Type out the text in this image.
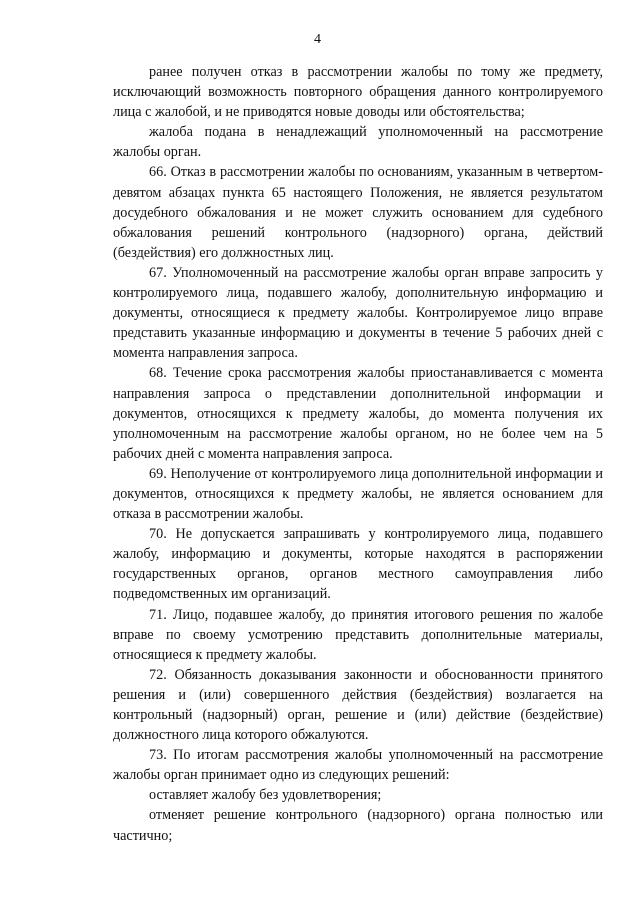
4

ранее получен отказ в рассмотрении жалобы по тому же предмету, исключающий возможность повторного обращения данного контролируемого лица с жалобой, и не приводятся новые доводы или обстоятельства;

жалоба подана в ненадлежащий уполномоченный на рассмотрение жалобы орган.

66. Отказ в рассмотрении жалобы по основаниям, указанным в четвертом-девятом абзацах пункта 65 настоящего Положения, не является результатом досудебного обжалования и не может служить основанием для судебного обжалования решений контрольного (надзорного) органа, действий (бездействия) его должностных лиц.

67. Уполномоченный на рассмотрение жалобы орган вправе запросить у контролируемого лица, подавшего жалобу, дополнительную информацию и документы, относящиеся к предмету жалобы. Контролируемое лицо вправе представить указанные информацию и документы в течение 5 рабочих дней с момента направления запроса.

68. Течение срока рассмотрения жалобы приостанавливается с момента направления запроса о представлении дополнительной информации и документов, относящихся к предмету жалобы, до момента получения их уполномоченным на рассмотрение жалобы органом, но не более чем на 5 рабочих дней с момента направления запроса.

69. Неполучение от контролируемого лица дополнительной информации и документов, относящихся к предмету жалобы, не является основанием для отказа в рассмотрении жалобы.

70. Не допускается запрашивать у контролируемого лица, подавшего жалобу, информацию и документы, которые находятся в распоряжении государственных органов, органов местного самоуправления либо подведомственных им организаций.

71. Лицо, подавшее жалобу, до принятия итогового решения по жалобе вправе по своему усмотрению представить дополнительные материалы, относящиеся к предмету жалобы.

72. Обязанность доказывания законности и обоснованности принятого решения и (или) совершенного действия (бездействия) возлагается на контрольный (надзорный) орган, решение и (или) действие (бездействие) должностного лица которого обжалуются.

73. По итогам рассмотрения жалобы уполномоченный на рассмотрение жалобы орган принимает одно из следующих решений:

оставляет жалобу без удовлетворения;

отменяет решение контрольного (надзорного) органа полностью или частично;
